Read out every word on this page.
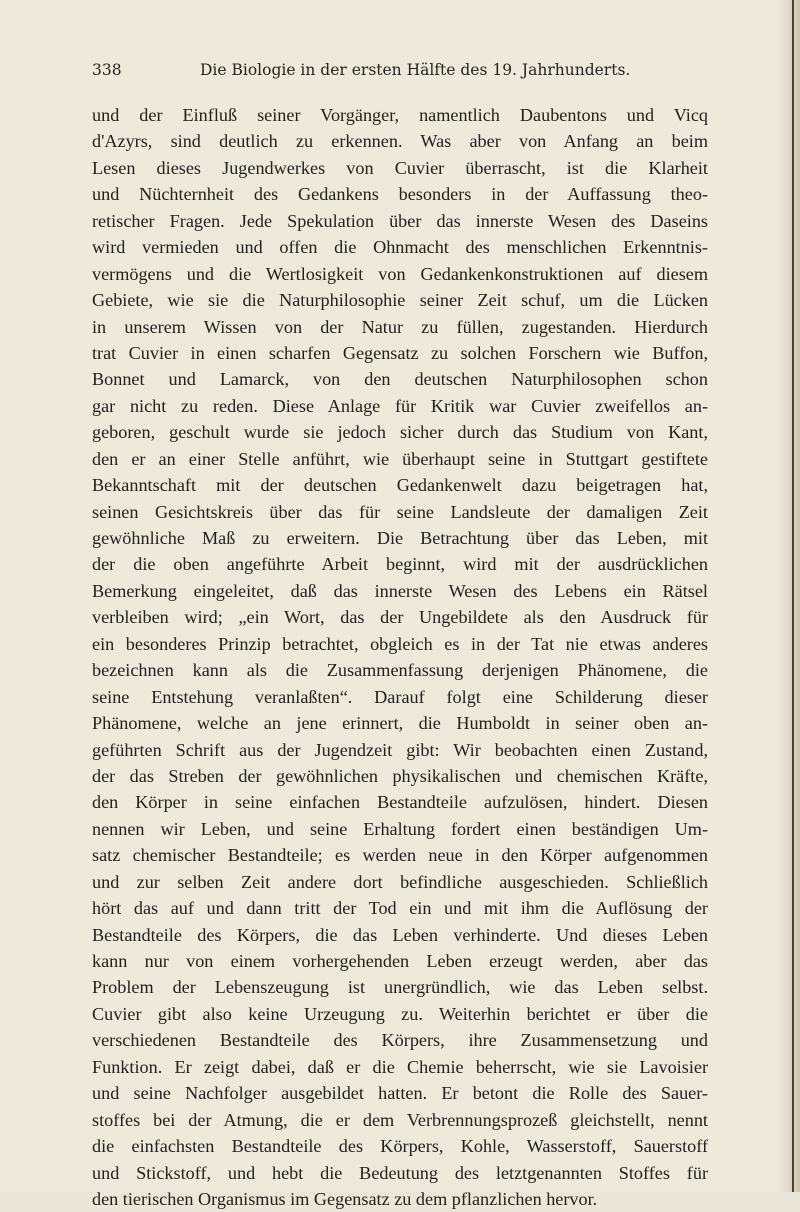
338	Die Biologie in der ersten Hälfte des 19. Jahrhunderts.
und der Einfluß seiner Vorgänger, namentlich Daubentons und Vicq
d'Azyrs, sind deutlich zu erkennen. Was aber von Anfang an beim
Lesen dieses Jugendwerkes von Cuvier überrascht, ist die Klarheit
und Nüchternheit des Gedankens besonders in der Auffassung theo-
retischer Fragen. Jede Spekulation über das innerste Wesen des Daseins
wird vermieden und offen die Ohnmacht des menschlichen Erkenntnis-
vermögens und die Wertlosigkeit von Gedankenkonstruktionen auf diesem
Gebiete, wie sie die Naturphilosophie seiner Zeit schuf, um die Lücken
in unserem Wissen von der Natur zu füllen, zugestanden. Hierdurch
trat Cuvier in einen scharfen Gegensatz zu solchen Forschern wie Buffon,
Bonnet und Lamarck, von den deutschen Naturphilosophen schon
gar nicht zu reden. Diese Anlage für Kritik war Cuvier zweifellos an-
geboren, geschult wurde sie jedoch sicher durch das Studium von Kant,
den er an einer Stelle anführt, wie überhaupt seine in Stuttgart gestiftete
Bekanntschaft mit der deutschen Gedankenwelt dazu beigetragen hat,
seinen Gesichtskreis über das für seine Landsleute der damaligen Zeit
gewöhnliche Maß zu erweitern. Die Betrachtung über das Leben, mit
der die oben angeführte Arbeit beginnt, wird mit der ausdrücklichen
Bemerkung eingeleitet, daß das innerste Wesen des Lebens ein Rätsel
verbleiben wird; „ein Wort, das der Ungebildete als den Ausdruck für
ein besonderes Prinzip betrachtet, obgleich es in der Tat nie etwas anderes
bezeichnen kann als die Zusammenfassung derjenigen Phänomene, die
seine Entstehung veranlaßten“. Darauf folgt eine Schilderung dieser
Phänomene, welche an jene erinnert, die Humboldt in seiner oben an-
geführten Schrift aus der Jugendzeit gibt: Wir beobachten einen Zustand,
der das Streben der gewöhnlichen physikalischen und chemischen Kräfte,
den Körper in seine einfachen Bestandteile aufzulösen, hindert. Diesen
nennen wir Leben, und seine Erhaltung fordert einen beständigen Um-
satz chemischer Bestandteile; es werden neue in den Körper aufgenommen
und zur selben Zeit andere dort befindliche ausgeschieden. Schließlich
hört das auf und dann tritt der Tod ein und mit ihm die Auflösung der
Bestandteile des Körpers, die das Leben verhinderte. Und dieses Leben
kann nur von einem vorhergehenden Leben erzeugt werden, aber das
Problem der Lebenszeugung ist unergründlich, wie das Leben selbst.
Cuvier gibt also keine Urzeugung zu. Weiterhin berichtet er über die
verschiedenen Bestandteile des Körpers, ihre Zusammensetzung und
Funktion. Er zeigt dabei, daß er die Chemie beherrscht, wie sie Lavoisier
und seine Nachfolger ausgebildet hatten. Er betont die Rolle des Sauer-
stoffes bei der Atmung, die er dem Verbrennungsprozeß gleichstellt, nennt
die einfachsten Bestandteile des Körpers, Kohle, Wasserstoff, Sauerstoff
und Stickstoff, und hebt die Bedeutung des letztgenannten Stoffes für
den tierischen Organismus im Gegensatz zu dem pflanzlichen hervor.
